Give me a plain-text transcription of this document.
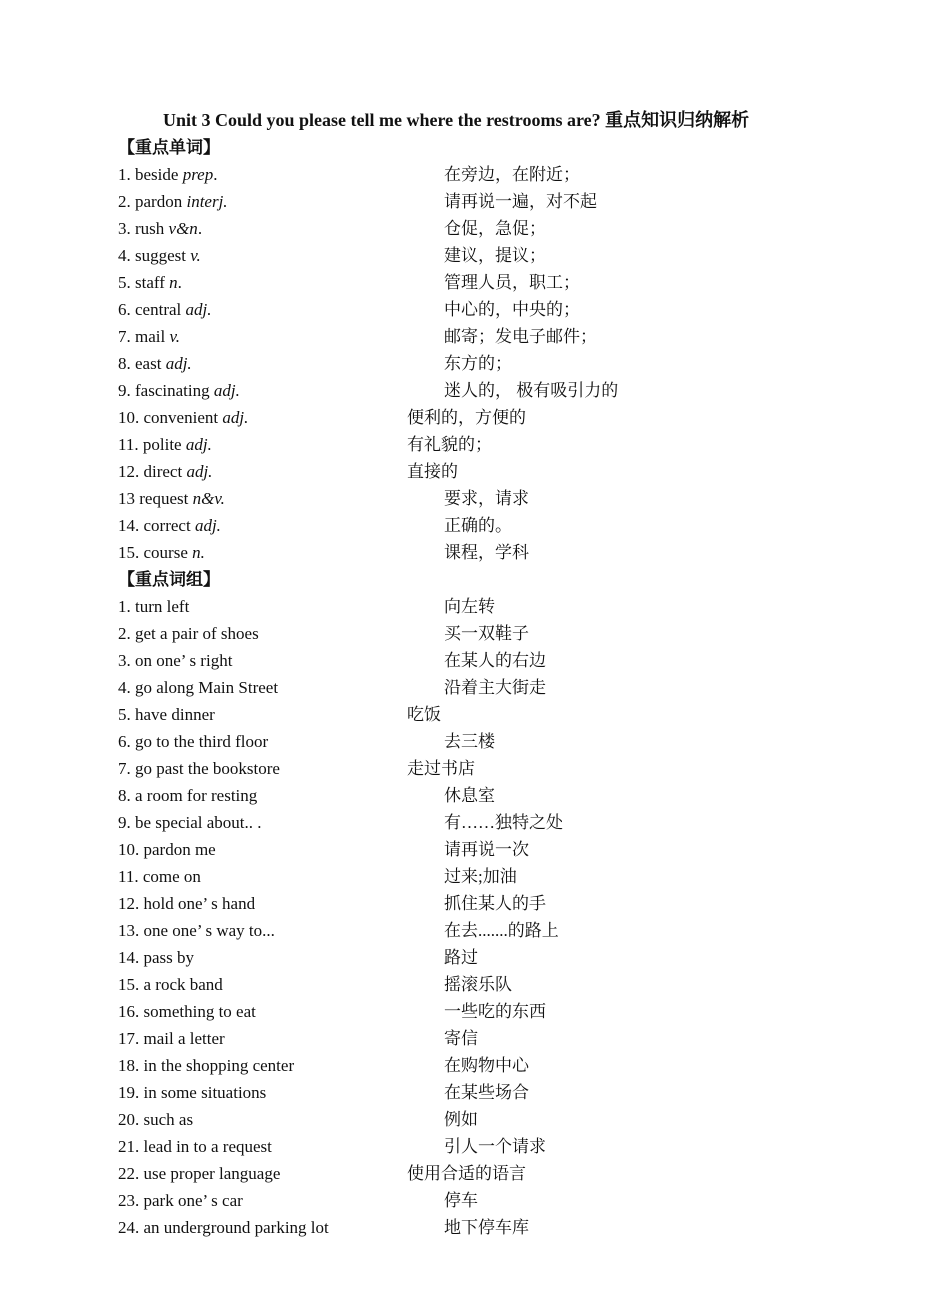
Unit 3 Could you please tell me where the restrooms are? 重点知识归纳解析
【重点单词】
1. beside prep.	在旁边，在附近；
2. pardon interj.	请再说一遍，对不起
3. rush v&n.	仓促，急促；
4. suggest v.	建议，提议；
5. staff n.	管理人员，职工；
6. central adj.	中心的，中央的；
7. mail v.	邮寄；发电子邮件；
8. east adj.	东方的；
9. fascinating adj.	迷人的， 极有吸引力的
10. convenient adj.	便利的，方便的
11. polite adj.	有礼貌的；
12. direct adj.	直接的
13 request n&v.	要求，请求
14. correct adj.	正确的。
15. course n.	课程，学科
【重点词组】
1. turn left	向左转
2. get a pair of shoes	买一双鞋子
3. on one’ s right	在某人的右边
4. go along Main Street	沿着主大街走
5. have dinner	吃饭
6. go to the third floor	去三楼
7. go past the bookstore	走过书店
8. a room for resting	休息室
9. be special about.. .	有……独特之处
10. pardon me	请再说一次
11. come on	过来;加油
12. hold one’ s hand	抓住某人的手
13. one one’ s way to...	在去.......的路上
14. pass by	路过
15. a rock band	摇滚乐队
16. something to eat	一些吃的东西
17. mail a letter	寄信
18. in the shopping center	在购物中心
19. in some situations	在某些场合
20. such as	例如
21. lead in to a request	引人一个请求
22. use proper language	使用合适的语言
23. park one’ s car	停车
24. an underground parking lot	地下停车库
